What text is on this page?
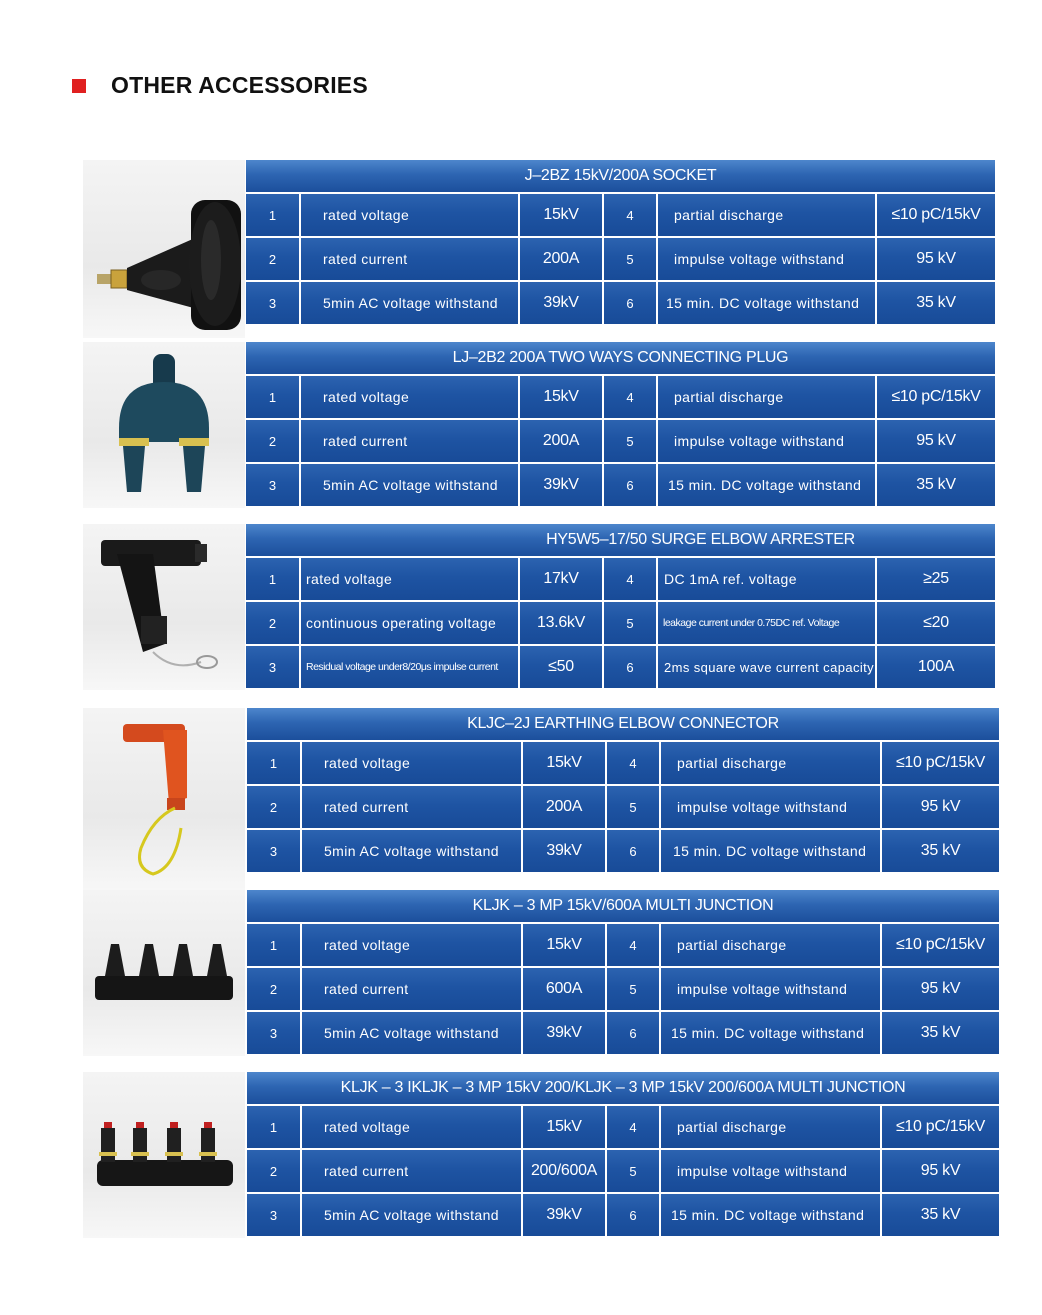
OTHER ACCESSORIES
J–2BZ 15kV/200A SOCKET
1	rated voltage	15kV	4	partial discharge	≤10 pC/15kV
2	rated current	200A	5	impulse voltage withstand	95 kV
3	5min AC voltage withstand	39kV	6	15 min. DC voltage withstand	35 kV
LJ–2B2 200A TWO WAYS CONNECTING PLUG
1	rated voltage	15kV	4	partial discharge	≤10 pC/15kV
2	rated current	200A	5	impulse voltage withstand	95 kV
3	5min AC voltage withstand	39kV	6	15 min. DC voltage withstand	35 kV
HY5W5–17/50 SURGE ELBOW ARRESTER
1	rated voltage	17kV	4	DC 1mA ref. voltage	≥25
2	continuous operating voltage	13.6kV	5	leakage current under 0.75DC ref. Voltage	≤20
3	Residual voltage under8/20μs impulse current	≤50	6	2ms square wave current capacity	100A
KLJC–2J EARTHING ELBOW CONNECTOR
1	rated voltage	15kV	4	partial discharge	≤10 pC/15kV
2	rated current	200A	5	impulse voltage withstand	95 kV
3	5min AC voltage withstand	39kV	6	15 min. DC voltage withstand	35 kV
KLJK – 3 MP 15kV/600A MULTI JUNCTION
1	rated voltage	15kV	4	partial discharge	≤10 pC/15kV
2	rated current	600A	5	impulse voltage withstand	95 kV
3	5min AC voltage withstand	39kV	6	15 min. DC voltage withstand	35 kV
KLJK – 3 IKLJK – 3 MP 15kV 200/KLJK – 3 MP 15kV 200/600A MULTI JUNCTION
1	rated voltage	15kV	4	partial discharge	≤10 pC/15kV
2	rated current	200/600A	5	impulse voltage withstand	95 kV
3	5min AC voltage withstand	39kV	6	15 min. DC voltage withstand	35 kV
